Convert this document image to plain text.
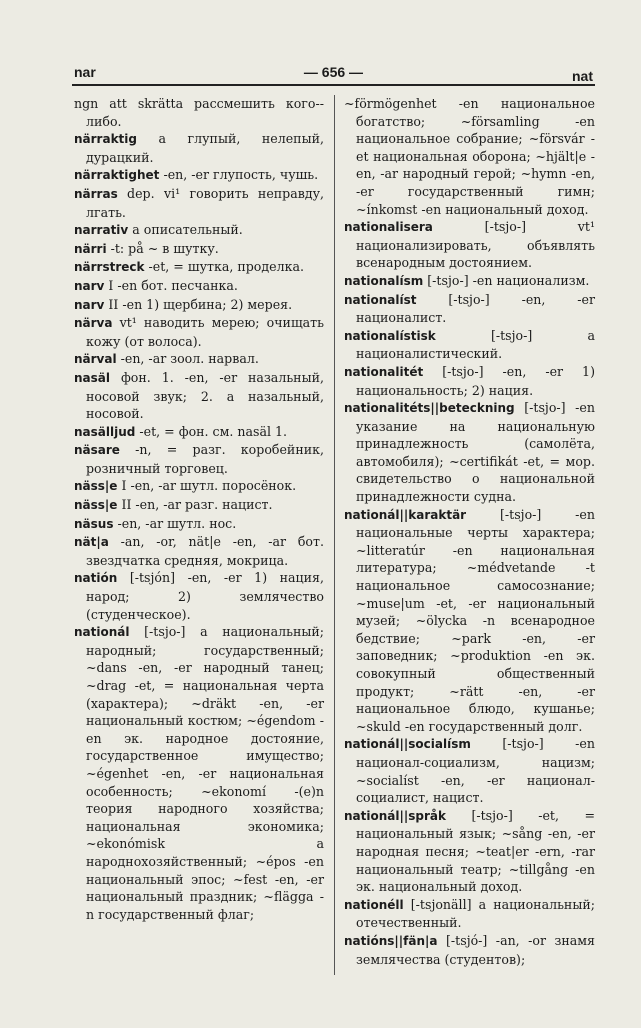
nar	— 656 —	nat

ngn att skrätta рассмешить кого--либо.

närraktig a глупый, нелепый, дурацкий.

närraktighet -en, -er глупость, чушь.

närras dep. vi¹ говорить неправду, лгать.

narrativ a описательный.

närri -t: på ~ в шутку.

närrstreck -et, = шутка, проделка.

narv I -en бот. песчанка.

narv II -en 1) щербина; 2) мерея.

närva vt¹ наводить мерею; очищать кожу (от волоса).

närval -en, -ar зоол. нарвал.

nasäl фон. 1. -en, -er назальный, носовой звук; 2. a назальный, носовой.

nasälljud -et, = фон. см. nasäl 1.

näsare -n, = разг. коробейник, розничный торговец.

näss|e I -en, -ar шутл. поросёнок.

näss|e II -en, -ar разг. нацист.

näsus -en, -ar шутл. нос.

nät|a -an, -or, nät|e -en, -ar бот. звездчатка средняя, мокрица.

natión [-tsjón] -en, -er 1) нация, народ; 2) землячество (студенческое).

nationál [-tsjo-] a национальный; народный; государственный; ~dans -en, -er народный танец; ~drag -et, = национальная черта (характера); ~dräkt -en, -er национальный костюм; ~égendom -en эк. народное достояние, государственное имущество; ~égenhet -en, -er национальная особенность; ~ekonomí -(e)n теория народного хозяйства; национальная экономика; ~ekonómisk a народнохозяйственный; ~épos -en национальный эпос; ~fest -en, -er национальный праздник; ~flägga -n государственный флаг;

~förmögenhet -en национальное богатство; ~församling -en национальное собрание; ~försvár -et национальная оборона; ~hjält|e -en, -ar народный герой; ~hymn -en, -er государственный гимн; ~ínkomst -en национальный доход.

nationalisera	[-tsjo-] vt¹ национализировать, объявлять всенародным достоянием.

nationalísm [-tsjo-] -en национализм.

nationalíst	[-tsjo-] -en, -er националист.

nationalístisk	[-tsjo-] a националистический.

nationalitét [-tsjo-] -en, -er 1) национальность; 2) нация.

nationalitéts||beteckning [-tsjo-] -en указание на национальную принадлежность (самолёта, автомобиля); ~certifikát -et, = мор. свидетельство о национальной принадлежности судна.

nationál||karaktär	[-tsjo-] -en национальные черты характера; ~litteratúr -en национальная литература; ~médvetande -t национальное самосознание; ~muse|um -et, -er национальный музей; ~ölycka -n всенародное бедствие; ~park -en, -er заповедник; ~produktion -en эк. совокупный общественный продукт; ~rätt -en, -er национальное блюдо, кушанье; ~skuld -en государственный долг.

nationál||socialísm	[-tsjo-] -en национал-социализм, нацизм; ~socialíst -en, -er национал-социалист, нацист.

nationál||språk [-tsjo-] -et, = национальный язык; ~sång -en, -er народная песня; ~teat|er -ern, -rar национальный театр; ~tillgång -en эк. национальный доход.

nationéll [-tsjonäll] a национальный; отечественный.

natións||fän|a [-tsjó-] -an, -or знамя землячества (студентов);
